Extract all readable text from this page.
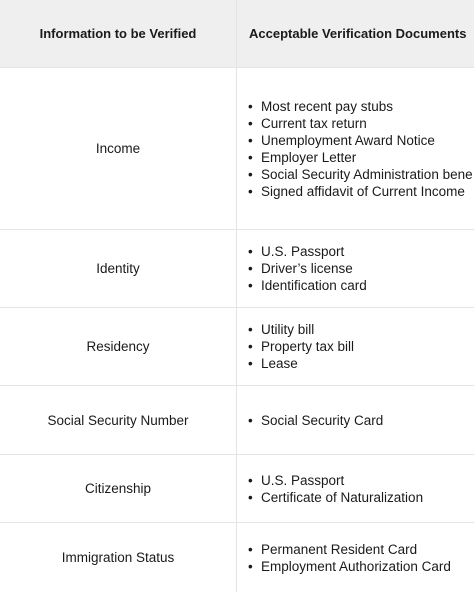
Information to be Verified	Acceptable Verification Documents
Income
• Most recent pay stubs
• Current tax return
• Unemployment Award Notice
• Employer Letter
• Social Security Administration bene
• Signed affidavit of Current Income
Identity
• U.S. Passport
• Driver’s license
• Identification card
Residency
• Utility bill
• Property tax bill
• Lease
Social Security Number
•	Social Security Card
Citizenship
• U.S. Passport
• Certificate of Naturalization
Immigration Status
• Permanent Resident Card
• Employment Authorization Card
